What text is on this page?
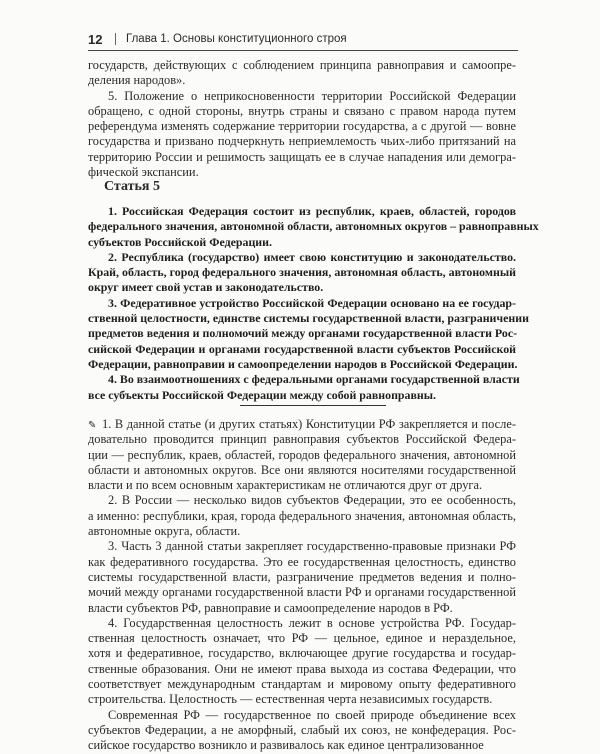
12 Глава 1. Основы конституционного строя
государств, действующих с соблюдением принципа равноправия и самоопре-
деления народов».
5. Положение о неприкосновенности территории Российской Федерации
обращено, с одной стороны, внутрь страны и связано с правом народа путем
референдума изменять содержание территории государства, а с другой — вовне
государства и призвано подчеркнуть неприемлемость чьих-либо притязаний на
территорию России и решимость защищать ее в случае нападения или демогра-
фической экспансии.
Статья 5
1. Российская Федерация состоит из республик, краев, областей, городов
федерального значения, автономной области, автономных округов – равноправных
субъектов Российской Федерации.
2. Республика (государство) имеет свою конституцию и законодательство.
Край, область, город федерального значения, автономная область, автономный
округ имеет свой устав и законодательство.
3. Федеративное устройство Российской Федерации основано на ее государ-
ственной целостности, единстве системы государственной власти, разграничении
предметов ведения и полномочий между органами государственной власти Рос-
сийской Федерации и органами государственной власти субъектов Российской
Федерации, равноправии и самоопределении народов в Российской Федерации.
4. Во взаимоотношениях с федеральными органами государственной власти
все субъекты Российской Федерации между собой равноправны.
✎ 1. В данной статье (и других статьях) Конституции РФ закрепляется и после-
довательно проводится принцип равноправия субъектов Российской Федера-
ции — республик, краев, областей, городов федерального значения, автономной
области и автономных округов. Все они являются носителями государственной
власти и по всем основным характеристикам не отличаются друг от друга.
2. В России — несколько видов субъектов Федерации, это ее особенность,
а именно: республики, края, города федерального значения, автономная область,
автономные округа, области.
3. Часть 3 данной статьи закрепляет государственно-правовые признаки РФ
как федеративного государства. Это ее государственная целостность, единство
системы государственной власти, разграничение предметов ведения и полно-
мочий между органами государственной власти РФ и органами государственной
власти субъектов РФ, равноправие и самоопределение народов в РФ.
4. Государственная целостность лежит в основе устройства РФ. Государ-
ственная целостность означает, что РФ — цельное, единое и нераздельное,
хотя и федеративное, государство, включающее другие государства и государ-
ственные образования. Они не имеют права выхода из состава Федерации, что
соответствует международным стандартам и мировому опыту федеративного
строительства. Целостность — естественная черта независимых государств.
Современная РФ — государственное по своей природе объединение всех
субъектов Федерации, а не аморфный, слабый их союз, не конфедерация. Рос-
сийское государство возникло и развивалось как единое централизованное
